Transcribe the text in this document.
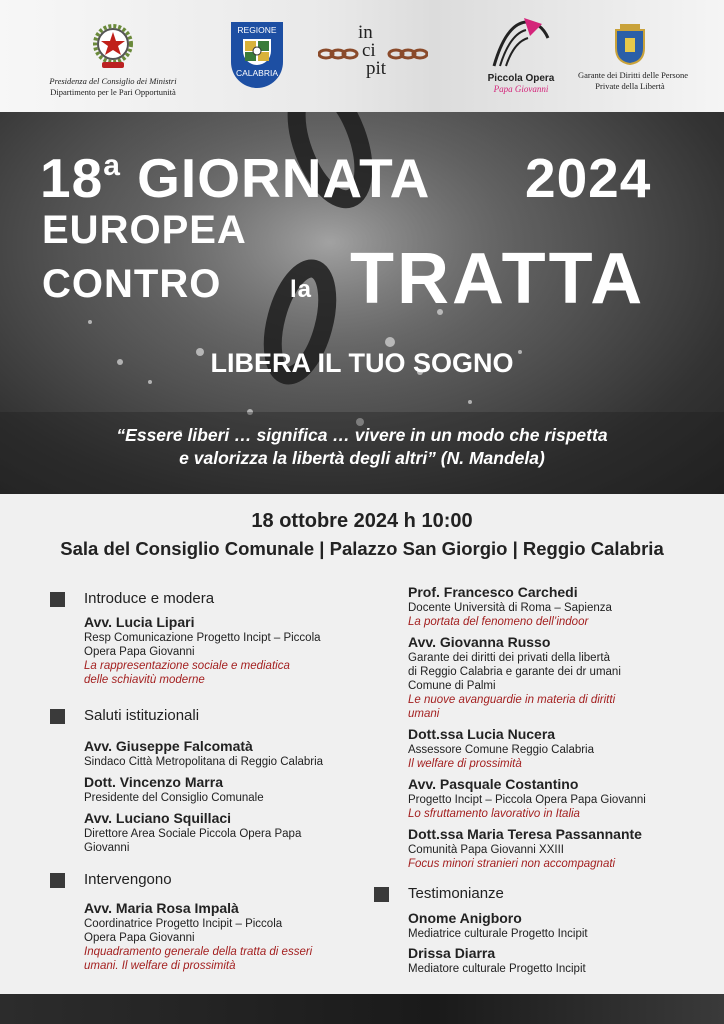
Presidenza del Consiglio dei Ministri
Dipartimento per le Pari Opportunità
REGIONE
CALABRIA
in
ci
pit	Piccola Opera
Papa Giovanni
Garante dei Diritti delle Persone
Private della Libertà
18$^a$ GIORNATA 2024
EUROPEA
CONTRO	la TRATTA
LIBERA IL TUO SOGNO
“Essere liberi … significa … vivere in un modo che rispetta
e valorizza la libertà degli altri” (N. Mandela)
18 ottobre 2024 h 10:00
Sala del Consiglio Comunale | Palazzo San Giorgio | Reggio Calabria
Introduce e modera
Avv. Lucia Lipari
Resp Comunicazione Progetto Incipt – Piccola
Opera Papa Giovanni
La rappresentazione sociale e mediatica
delle schiavitù moderne
Saluti istituzionali
Avv. Giuseppe Falcomatà
Sindaco Città Metropolitana di Reggio Calabria
Dott. Vincenzo Marra
Presidente del Consiglio Comunale
Avv. Luciano Squillaci
Direttore Area Sociale Piccola Opera Papa
Giovanni
Intervengono
Avv. Maria Rosa Impalà
Coordinatrice Progetto Incipit – Piccola
Opera Papa Giovanni
Inquadramento generale della tratta di esseri
umani. Il welfare di prossimità
Prof. Francesco Carchedi
Docente Università di Roma – Sapienza
La portata del fenomeno dell’indoor
Avv. Giovanna Russo
Garante dei diritti dei privati della libertà
di Reggio Calabria e garante dei dr umani
Comune di Palmi
Le nuove avanguardie in materia di diritti
umani
Dott.ssa Lucia Nucera
Assessore Comune Reggio Calabria
Il welfare di prossimità
Avv. Pasquale Costantino
Progetto Incipt – Piccola Opera Papa Giovanni
Lo sfruttamento lavorativo in Italia
Dott.ssa Maria Teresa Passannante
Comunità Papa Giovanni XXIII
Focus minori stranieri non accompagnati
Testimonianze
Onome Anigboro
Mediatrice culturale Progetto Incipit
Drissa Diarra
Mediatore culturale Progetto Incipit
